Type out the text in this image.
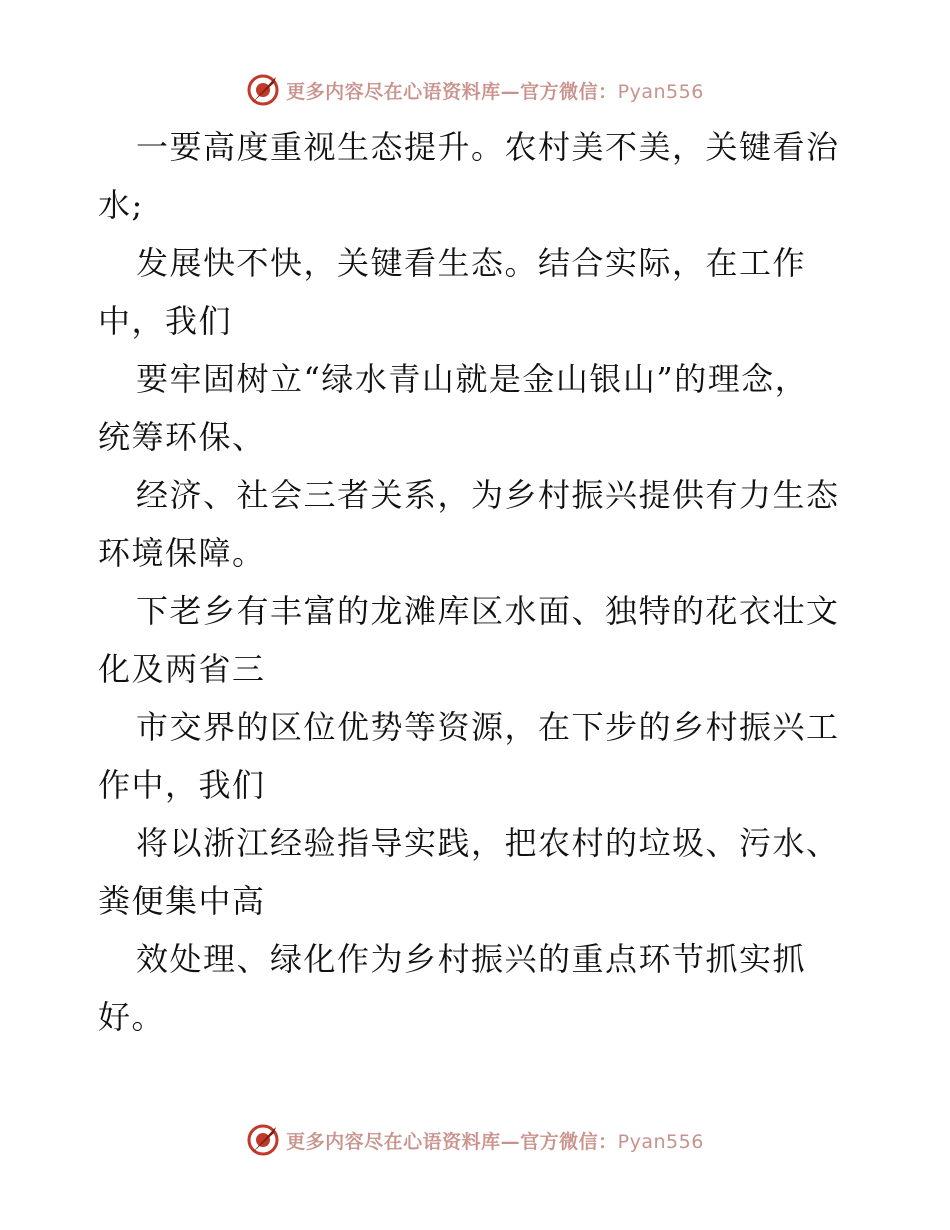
更多内容尽在心语资料库—官方微信：Pyan556
一要高度重视生态提升。农村美不美，关键看治
水;
发展快不快，关键看生态。结合实际，在工作
中，我们
要牢固树立“绿水青山就是金山银山”的理念，
统筹环保、
经济、社会三者关系，为乡村振兴提供有力生态
环境保障。
下老乡有丰富的龙滩库区水面、独特的花衣壮文
化及两省三
市交界的区位优势等资源，在下步的乡村振兴工
作中，我们
将以浙江经验指导实践，把农村的垃圾、污水、
粪便集中高
效处理、绿化作为乡村振兴的重点环节抓实抓
好。
更多内容尽在心语资料库—官方微信：Pyan556
